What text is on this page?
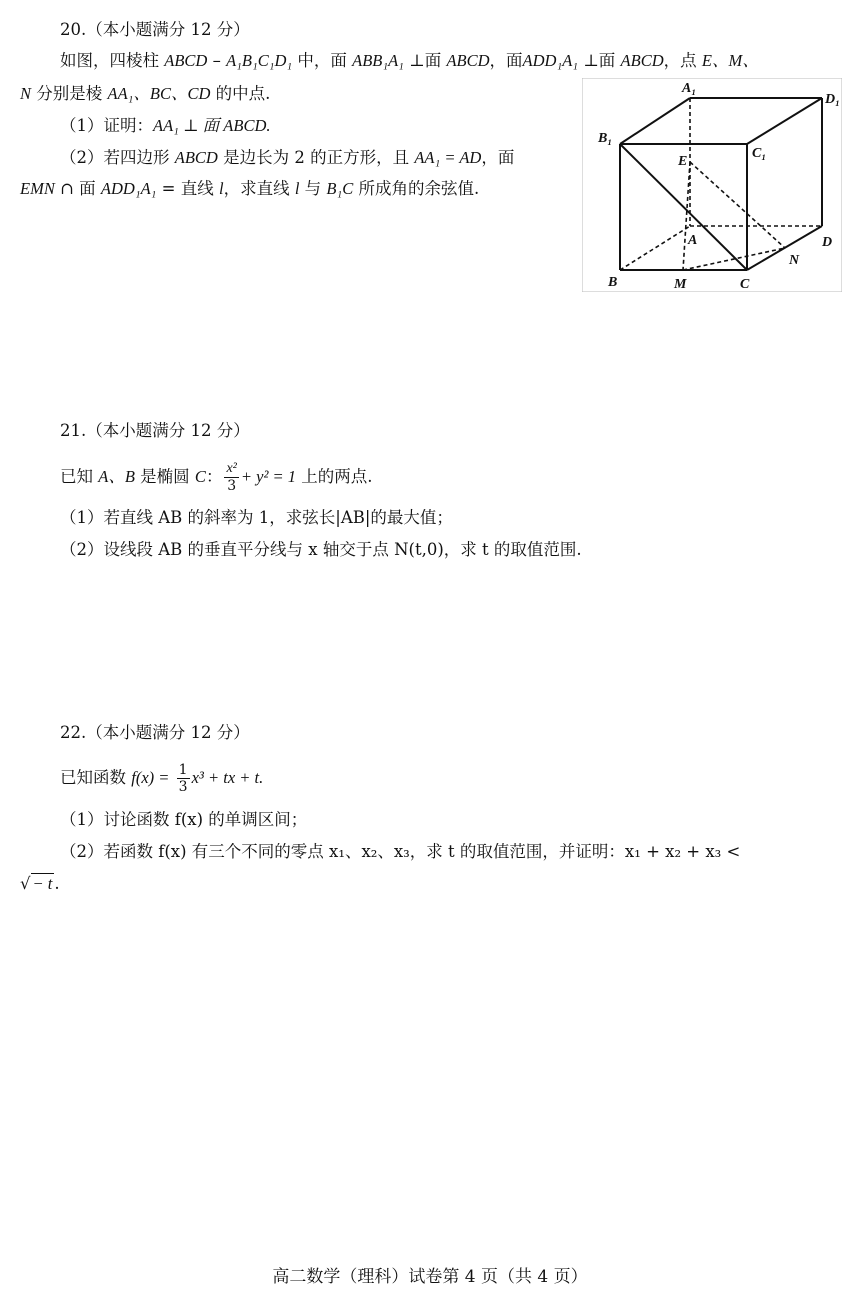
20.（本小题满分 12 分）
如图，四棱柱 ABCD – A₁B₁C₁D₁ 中，面 ABB₁A₁ ⊥面 ABCD，面ADD₁A₁ ⊥面 ABCD，点 E、M、
N 分别是棱 AA₁、BC、CD 的中点.
（1）证明：AA₁ ⊥ 面 ABCD.
（2）若四边形 ABCD 是边长为 2 的正方形，且 AA₁ = AD，面
EMN ∩ 面 ADD₁A₁ = 直线 l，求直线 l 与 B₁C 所成角的余弦值.
A₁
D₁
B₁
C₁
E
A	D
N
B	M	C
21.（本小题满分 12 分）
已知 A、B 是椭圆 C： $\frac{\text{x²}}{3} + y^2 = 1$ 上的两点.
（1）若直线 AB 的斜率为 1，求弦长|AB|的最大值；
（2）设线段 AB 的垂直平分线与 x 轴交于点 N(t,0)，求 t 的取值范围.
22.（本小题满分 12 分）
已知函数 $f(x) = \frac{1}{3} x^3$ + tx + t.
（1）讨论函数 f(x) 的单调区间；
（2）若函数 f(x) 有三个不同的零点 x₁、x₂、x₃，求 t 的取值范围，并证明：x₁ + x₂ + x₃ <
√ − t .
高二数学（理科）试卷第 4 页（共 4 页）
